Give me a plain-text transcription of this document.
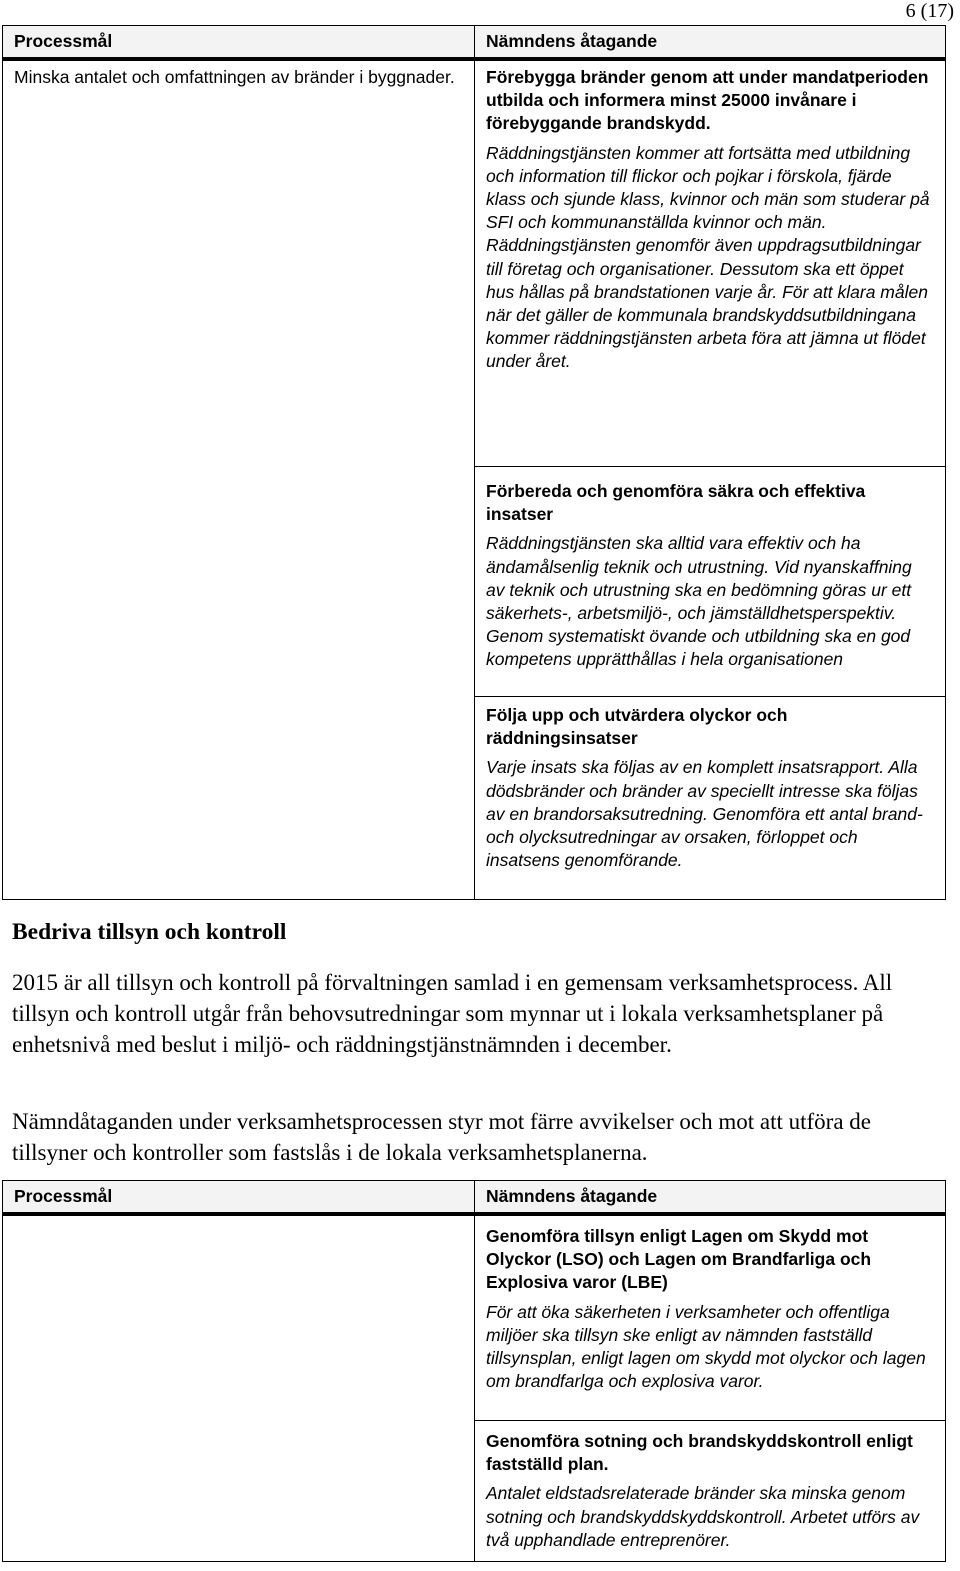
6 (17)
Processmål	Nämndens åtagande

Minska antalet och omfattningen av bränder i byggnader.	Förebygga bränder genom att under mandatperioden utbilda och informera minst 25000 invånare i förebyggande brandskydd.

Räddningstjänsten kommer att fortsätta med utbildning och information till flickor och pojkar i förskola, fjärde klass och sjunde klass, kvinnor och män som studerar på SFI och kommunanställda kvinnor och män. Räddningstjänsten genomför även uppdragsutbildningar till företag och organisationer. Dessutom ska ett öppet hus hållas på brandstationen varje år. För att klara målen när det gäller de kommunala brandskyddsutbildningana kommer räddningstjänsten arbeta föra att jämna ut flödet under året.

	Förbereda och genomföra säkra och effektiva insatser

Räddningstjänsten ska alltid vara effektiv och ha ändamålsenlig teknik och utrustning. Vid nyanskaffning av teknik och utrustning ska en bedömning göras ur ett säkerhets-, arbetsmiljö-, och jämställdhetsperspektiv. Genom systematiskt övande och utbildning ska en god kompetens upprätthållas i hela organisationen

	Följa upp och utvärdera olyckor och räddningsinsatser

Varje insats ska följas av en komplett insatsrapport. Alla dödsbränder och bränder av speciellt intresse ska följas av en brandorsaksutredning. Genomföra ett antal brand- och olycksutredningar av orsaken, förloppet och insatsens genomförande.

Bedriva tillsyn och kontroll

2015 är all tillsyn och kontroll på förvaltningen samlad i en gemensam verksamhetsprocess. All tillsyn och kontroll utgår från behovsutredningar som mynnar ut i lokala verksamhetsplaner på enhetsnivå med beslut i miljö- och räddningstjänstnämnden i december.

Nämndåtaganden under verksamhetsprocessen styr mot färre avvikelser och mot att utföra de tillsyner och kontroller som fastslås i de lokala verksamhetsplanerna.

Processmål	Nämndens åtagande

	Genomföra tillsyn enligt Lagen om Skydd mot Olyckor (LSO) och Lagen om Brandfarliga och Explosiva varor (LBE)

För att öka säkerheten i verksamheter och offentliga miljöer ska tillsyn ske enligt av nämnden fastställd tillsynsplan, enligt lagen om skydd mot olyckor och lagen om brandfarlga och explosiva varor.

	Genomföra sotning och brandskyddskontroll enligt fastställd plan.

Antalet eldstadsrelaterade bränder ska minska genom sotning och brandskyddskyddskontroll. Arbetet utförs av två upphandlade entreprenörer.
